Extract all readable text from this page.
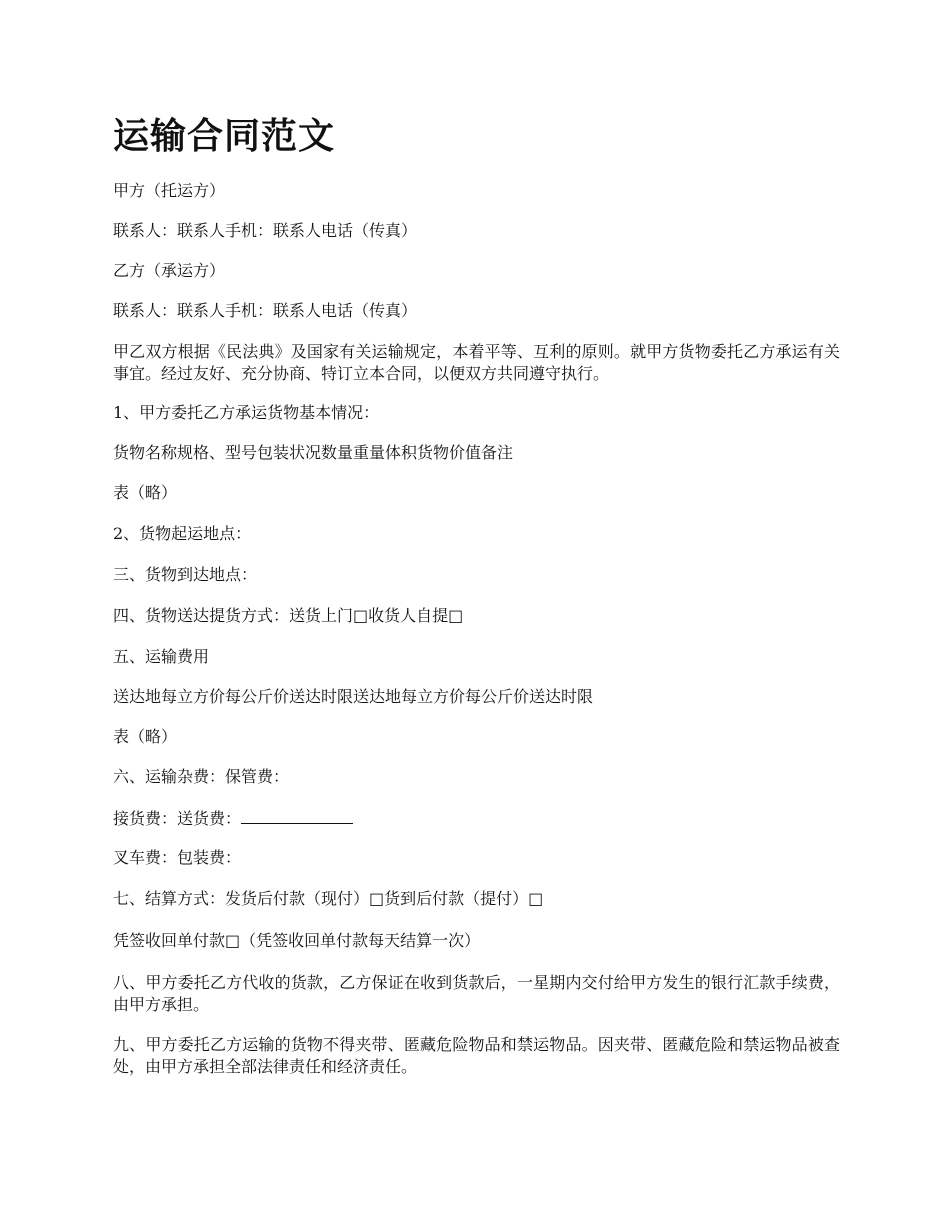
运输合同范文

甲方（托运方）

联系人：联系人手机：联系人电话（传真）

乙方（承运方）

联系人：联系人手机：联系人电话（传真）

甲乙双方根据《民法典》及国家有关运输规定，本着平等、互利的原则。就甲方货物委托乙方承运有关事宜。经过友好、充分协商、特订立本合同，以便双方共同遵守执行。

1、甲方委托乙方承运货物基本情况：

货物名称规格、型号包装状况数量重量体积货物价值备注

表（略）

2、货物起运地点：

三、货物到达地点：

四、货物送达提货方式：送货上门□收货人自提□

五、运输费用

送达地每立方价每公斤价送达时限送达地每立方价每公斤价送达时限

表（略）

六、运输杂费：保管费：

接货费：送货费：

叉车费：包装费：

七、结算方式：发货后付款（现付）□货到后付款（提付）□

凭签收回单付款□（凭签收回单付款每天结算一次）

八、甲方委托乙方代收的货款，乙方保证在收到货款后，一星期内交付给甲方发生的银行汇款手续费，由甲方承担。

九、甲方委托乙方运输的货物不得夹带、匿藏危险物品和禁运物品。因夹带、匿藏危险和禁运物品被查处，由甲方承担全部法律责任和经济责任。
